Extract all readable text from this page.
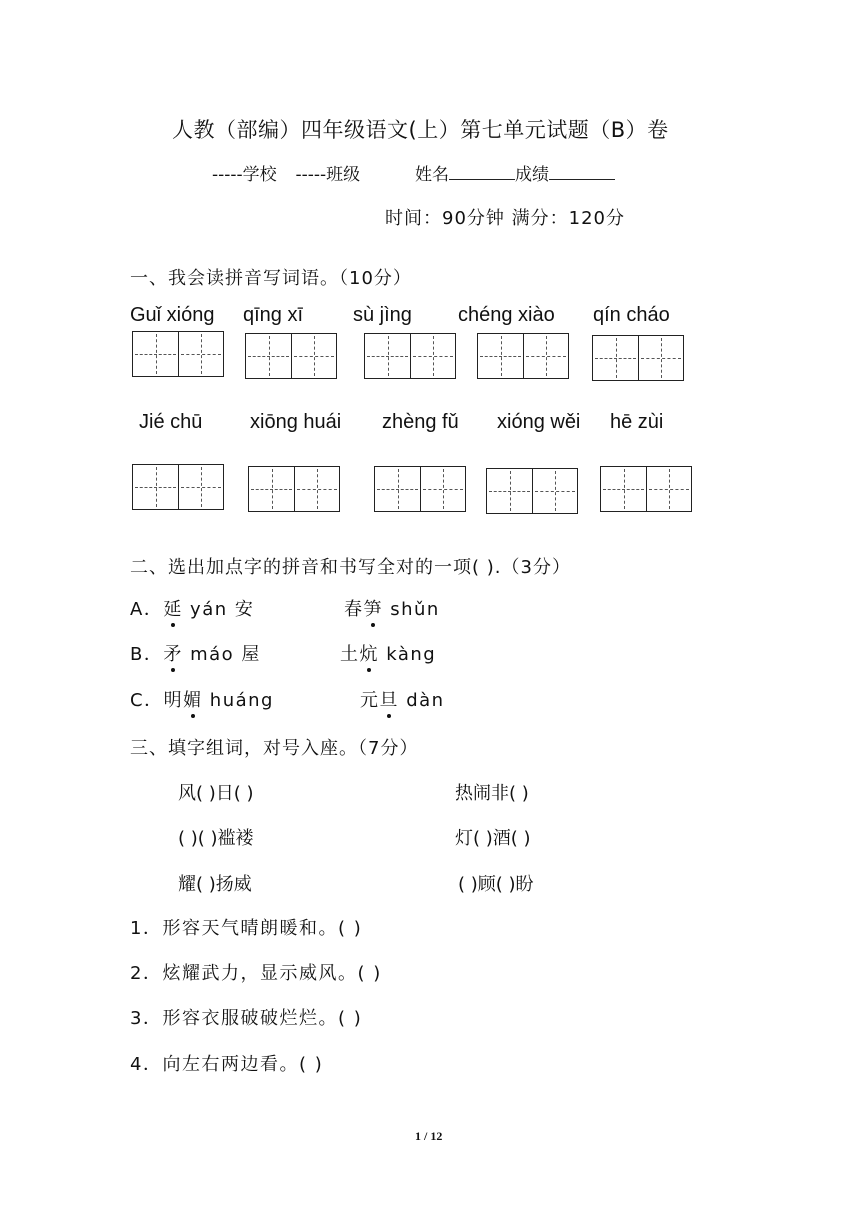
人教（部编）四年级语文(上）第七单元试题（B）卷
-----学校 -----班级	姓名	成绩
时间：90分钟 满分：120分
一、我会读拼音写词语。（10分）
Guǐ xióng qīng xī sù jìng chéng xiào qín cháo
Jié chū xiōng huái zhèng fǔ xióng wěi hē zùi
二、选出加点字的拼音和书写全对的一项( ).（3分）
A．延 yán 安	春笋 shǔn
B．矛 máo 屋	土炕 kàng
C．明媚 huáng	元旦 dàn
三、填字组词，对号入座。（7分）
风( )日( )	热闹非( )
( )( )褴褛	灯( )酒( )
耀( )扬威	( )顾( )盼
1．形容天气晴朗暖和。( )
2．炫耀武力，显示威风。( )
3．形容衣服破破烂烂。( )
4．向左右两边看。( )
1 / 12
